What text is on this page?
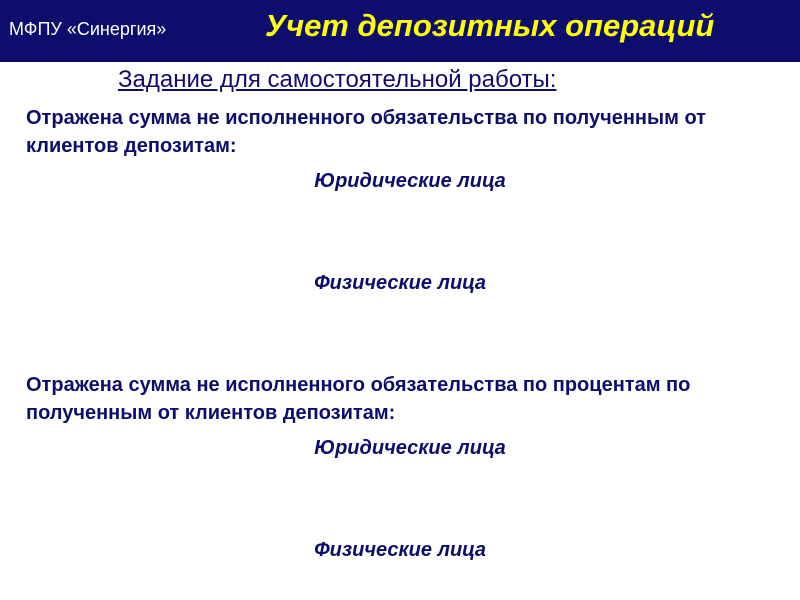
МФПУ «Синергия»	Учет депозитных операций
Задание для самостоятельной работы:
Отражена сумма не исполненного обязательства по полученным от клиентов депозитам:
Юридические лица
Физические лица
Отражена сумма не исполненного обязательства по процентам по полученным от клиентов депозитам:
Юридические лица
Физические лица
